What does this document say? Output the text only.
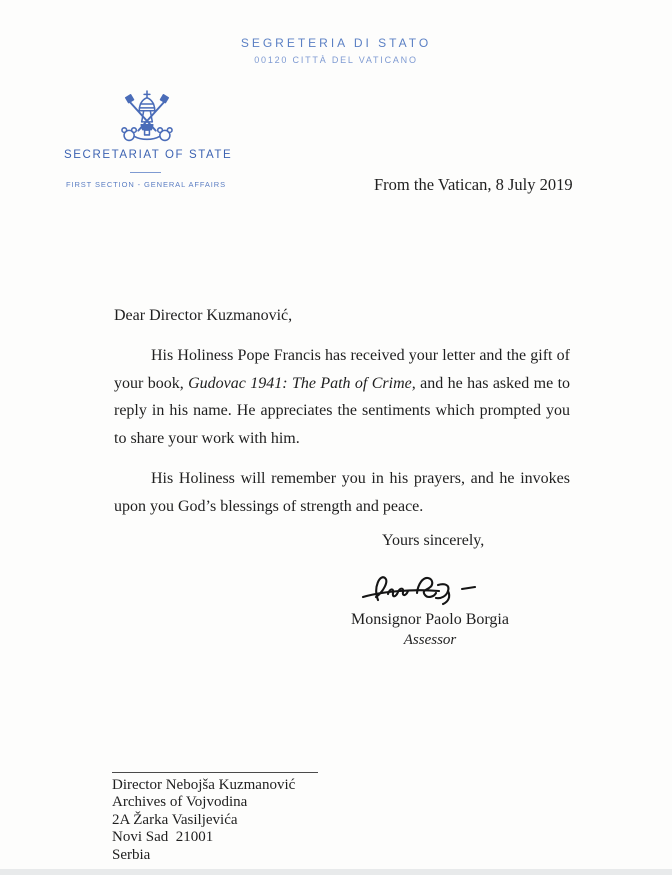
SEGRETERIA DI STATO
00120 CITTÀ DEL VATICANO
SECRETARIAT OF STATE
FIRST SECTION - GENERAL AFFAIRS	From the Vatican, 8 July 2019
Dear Director Kuzmanović,

His Holiness Pope Francis has received your letter and the gift of your book, Gudovac 1941: The Path of Crime, and he has asked me to reply in his name. He appreciates the sentiments which prompted you to share your work with him.

His Holiness will remember you in his prayers, and he invokes upon you God’s blessings of strength and peace.

Yours sincerely,
Monsignor Paolo Borgia
Assessor
Director Nebojša Kuzmanović
Archives of Vojvodina
2A Žarka Vasiljevića
Novi Sad  21001
Serbia
